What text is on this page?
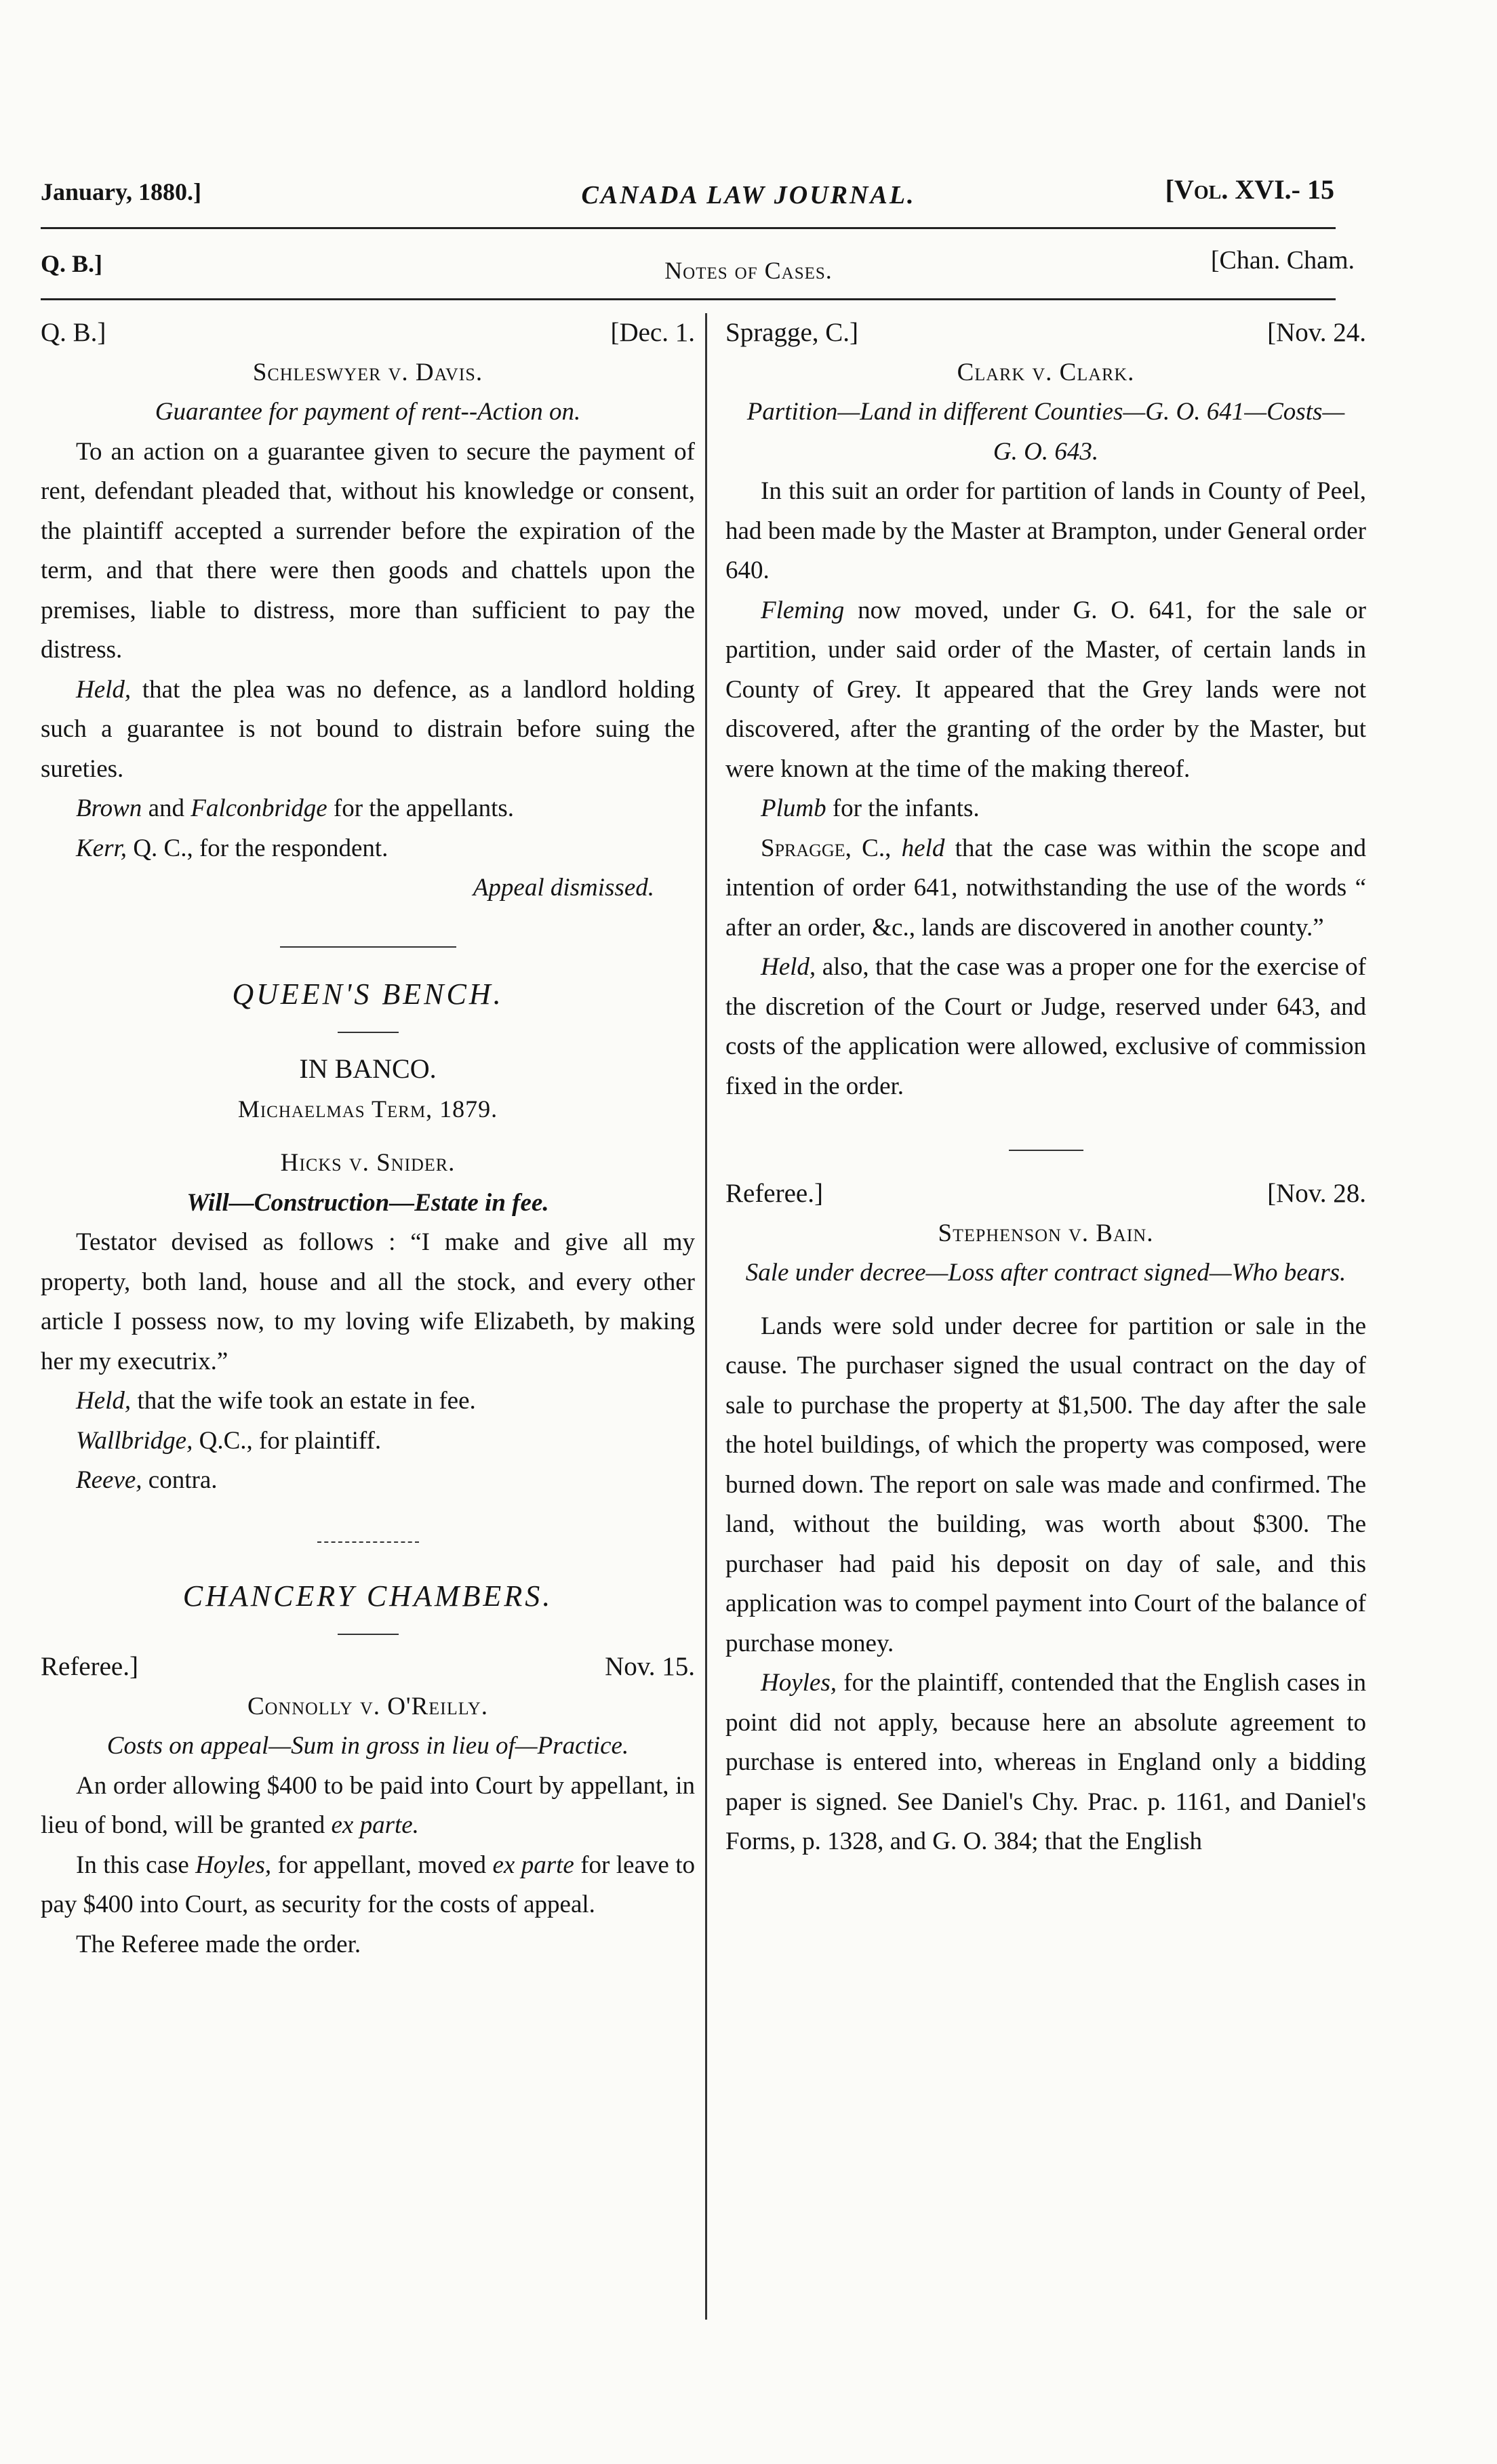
January, 1880.]	CANADA LAW JOURNAL.	[Vol. XVI.- 15
Q. B.]	Notes of Cases.	[Chan. Cham.
Q. B.]	[Dec. 1.
Schleswyer v. Davis.
Guarantee for payment of rent--Action on.

To an action on a guarantee given to secure the payment of rent, defendant pleaded that, without his knowledge or consent, the plaintiff accepted a surrender before the expiration of the term, and that there were then goods and chattels upon the premises, liable to distress, more than sufficient to pay the distress.

Held, that the plea was no defence, as a landlord holding such a guarantee is not bound to distrain before suing the sureties.

Brown and Falconbridge for the appellants.

Kerr, Q. C., for the respondent.

Appeal dismissed.
QUEEN'S BENCH.
IN BANCO.
Michaelmas Term, 1879.
Hicks v. Snider.
Will—Construction—Estate in fee.

Testator devised as follows : “I make and give all my property, both land, house and all the stock, and every other article I possess now, to my loving wife Elizabeth, by making her my executrix.”

Held, that the wife took an estate in fee.

Wallbridge, Q.C., for plaintiff.

Reeve, contra.

CHANCERY CHAMBERS.
Referee.]	Nov. 15.
Connolly v. O'Reilly.
Costs on appeal—Sum in gross in lieu of—Practice.

An order allowing $400 to be paid into Court by appellant, in lieu of bond, will be granted ex parte.

In this case Hoyles, for appellant, moved ex parte for leave to pay $400 into Court, as security for the costs of appeal.

The Referee made the order.

Spragge, C.]	[Nov. 24.
Clark v. Clark.
Partition—Land in different Counties—G. O. 641—Costs—G. O. 643.

In this suit an order for partition of lands in County of Peel, had been made by the Master at Brampton, under General order 640.

Fleming now moved, under G. O. 641, for the sale or partition, under said order of the Master, of certain lands in County of Grey. It appeared that the Grey lands were not discovered, after the granting of the order by the Master, but were known at the time of the making thereof.

Plumb for the infants.

Spragge, C., held that the case was within the scope and intention of order 641, notwithstanding the use of the words “ after an order, &c., lands are discovered in another county.”

Held, also, that the case was a proper one for the exercise of the discretion of the Court or Judge, reserved under 643, and costs of the application were allowed, exclusive of commission fixed in the order.

Referee.]	[Nov. 28.
Stephenson v. Bain.
Sale under decree—Loss after contract signed—Who bears.

Lands were sold under decree for partition or sale in the cause. The purchaser signed the usual contract on the day of sale to purchase the property at $1,500. The day after the sale the hotel buildings, of which the property was composed, were burned down. The report on sale was made and confirmed. The land, without the building, was worth about $300. The purchaser had paid his deposit on day of sale, and this application was to compel payment into Court of the balance of purchase money.

Hoyles, for the plaintiff, contended that the English cases in point did not apply, because here an absolute agreement to purchase is entered into, whereas in England only a bidding paper is signed. See Daniel's Chy. Prac. p. 1161, and Daniel's Forms, p. 1328, and G. O. 384; that the English
